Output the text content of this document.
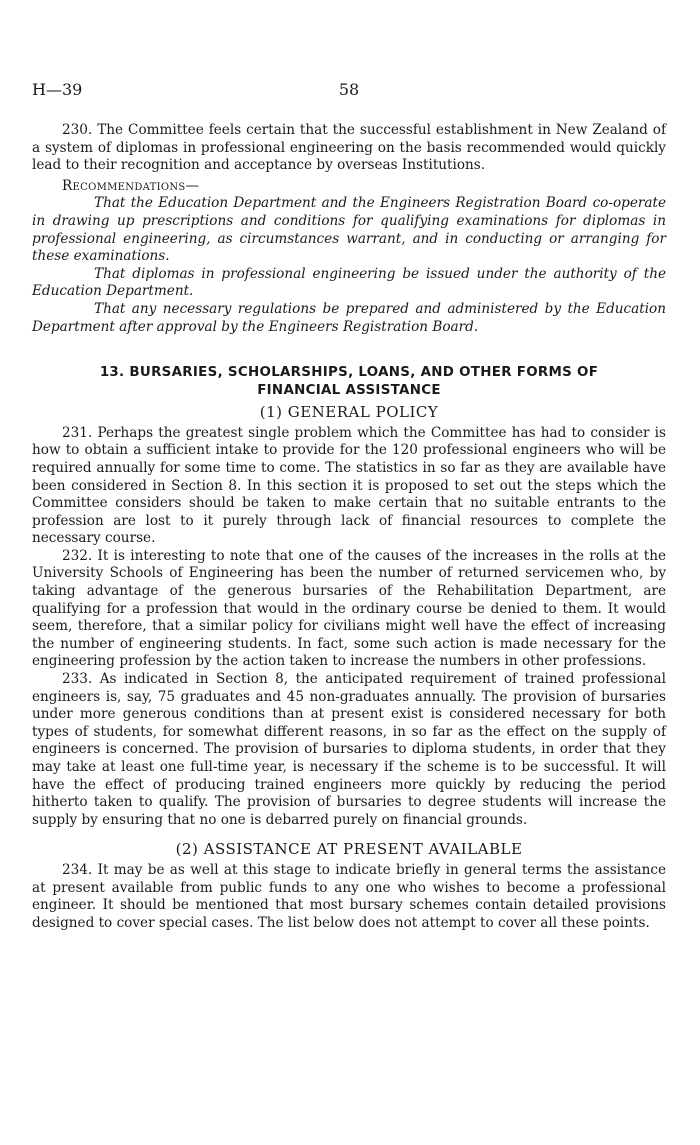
H—39	58

230. The Committee feels certain that the successful establishment in New Zealand of a system of diplomas in professional engineering on the basis recommended would quickly lead to their recognition and acceptance by overseas Institutions.

Recommendations—

That the Education Department and the Engineers Registration Board co-operate in drawing up prescriptions and conditions for qualifying examinations for diplomas in professional engineering, as circumstances warrant, and in conducting or arranging for these examinations.

That diplomas in professional engineering be issued under the authority of the Education Department.

That any necessary regulations be prepared and administered by the Education Department after approval by the Engineers Registration Board.

13. BURSARIES, SCHOLARSHIPS, LOANS, AND OTHER FORMS OF
FINANCIAL ASSISTANCE
(1) GENERAL POLICY

231. Perhaps the greatest single problem which the Committee has had to consider is how to obtain a sufficient intake to provide for the 120 professional engineers who will be required annually for some time to come. The statistics in so far as they are available have been considered in Section 8. In this section it is proposed to set out the steps which the Committee considers should be taken to make certain that no suitable entrants to the profession are lost to it purely through lack of financial resources to complete the necessary course.

232. It is interesting to note that one of the causes of the increases in the rolls at the University Schools of Engineering has been the number of returned servicemen who, by taking advantage of the generous bursaries of the Rehabilitation Department, are qualifying for a profession that would in the ordinary course be denied to them. It would seem, therefore, that a similar policy for civilians might well have the effect of increasing the number of engineering students. In fact, some such action is made necessary for the engineering profession by the action taken to increase the numbers in other professions.

233. As indicated in Section 8, the anticipated requirement of trained professional engineers is, say, 75 graduates and 45 non-graduates annually. The provision of bursaries under more generous conditions than at present exist is considered necessary for both types of students, for somewhat different reasons, in so far as the effect on the supply of engineers is concerned. The provision of bursaries to diploma students, in order that they may take at least one full-time year, is necessary if the scheme is to be successful. It will have the effect of producing trained engineers more quickly by reducing the period hitherto taken to qualify. The provision of bursaries to degree students will increase the supply by ensuring that no one is debarred purely on financial grounds.

(2) ASSISTANCE AT PRESENT AVAILABLE

234. It may be as well at this stage to indicate briefly in general terms the assistance at present available from public funds to any one who wishes to become a professional engineer. It should be mentioned that most bursary schemes contain detailed provisions designed to cover special cases. The list below does not attempt to cover all these points.
